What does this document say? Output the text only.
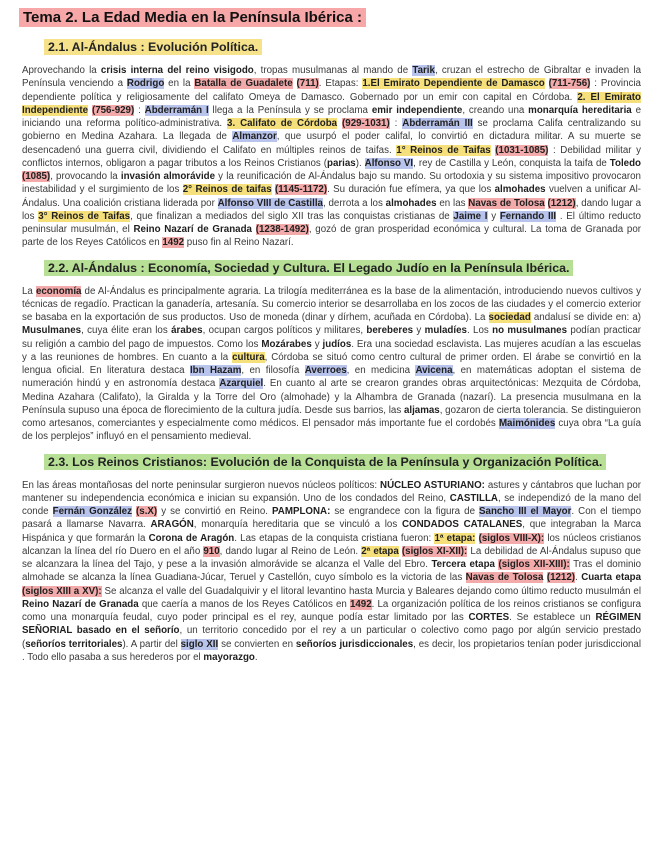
Tema 2. La Edad Media en la Península Ibérica :
2.1. Al-Ándalus : Evolución Política.

Aprovechando la crisis interna del reino visigodo, tropas musulmanas al mando de Tarik, cruzan el estrecho de Gibraltar e invaden la Península venciendo a Rodrigo en la Batalla de Guadalete (711). Etapas: 1.El Emirato Dependiente de Damasco (711-756) : Provincia dependiente política y religiosamente del califato Omeya de Damasco. Gobernado por un emir con capital en Córdoba. 2. El Emirato Independiente (756-929) : Abderramán I llega a la Península y se proclama emir independiente, creando una monarquía hereditaria e iniciando una reforma político-administrativa. 3. Califato de Córdoba (929-1031) : Abderramán III se proclama Califa centralizando su gobierno en Medina Azahara. La llegada de Almanzor, que usurpó el poder califal, lo convirtió en dictadura militar. A su muerte se desencadenó una guerra civil, dividiendo el Califato en múltiples reinos de taifas. 1° Reinos de Taifas (1031-1085) : Debilidad militar y conflictos internos, obligaron a pagar tributos a los Reinos Cristianos (parias). Alfonso VI, rey de Castilla y León, conquista la taifa de Toledo (1085), provocando la invasión almorávide y la reunificación de Al-Ándalus bajo su mando. Su ortodoxia y su sistema impositivo provocaron inestabilidad y el surgimiento de los 2° Reinos de taifas (1145-1172). Su duración fue efímera, ya que los almohades vuelven a unificar Al-Ándalus. Una coalición cristiana liderada por Alfonso VIII de Castilla, derrota a los almohades en las Navas de Tolosa (1212), dando lugar a los 3° Reinos de Taifas, que finalizan a mediados del siglo XII tras las conquistas cristianas de Jaime I y Fernando III . El último reducto peninsular musulmán, el Reino Nazarí de Granada (1238-1492), gozó de gran prosperidad económica y cultural. La toma de Granada por parte de los Reyes Católicos en 1492 puso fin al Reino Nazarí.

2.2. Al-Ándalus : Economía, Sociedad y Cultura. El Legado Judío en la Península Ibérica.

La economía de Al-Ándalus es principalmente agraria. La trilogía mediterránea es la base de la alimentación, introduciendo nuevos cultivos y técnicas de regadío. Practican la ganadería, artesanía. Su comercio interior se desarrollaba en los zocos de las ciudades y el comercio exterior se basaba en la exportación de sus productos. Uso de moneda (dinar y dírhem, acuñada en Córdoba). La sociedad andalusí se divide en: a) Musulmanes, cuya élite eran los árabes, ocupan cargos políticos y militares, bereberes y muladíes. Los no musulmanes podían practicar su religión a cambio del pago de impuestos. Como los Mozárabes y judíos. Era una sociedad esclavista. Las mujeres acudían a las escuelas y a las reuniones de hombres. En cuanto a la cultura, Córdoba se situó como centro cultural de primer orden. El árabe se convirtió en la lengua oficial. En literatura destaca Ibn Hazam, en filosofía Averroes, en medicina Avicena, en matemáticas adoptan el sistema de numeración hindú y en astronomía destaca Azarquiel. En cuanto al arte se crearon grandes obras arquitectónicas: Mezquita de Córdoba, Medina Azahara (Califato), la Giralda y la Torre del Oro (almohade) y la Alhambra de Granada (nazarí). La presencia musulmana en la Península supuso una época de florecimiento de la cultura judía. Desde sus barrios, las aljamas, gozaron de cierta tolerancia. Se distinguieron como artesanos, comerciantes y especialmente como médicos. El pensador más importante fue el cordobés Maimónides cuya obra “La guía de los perplejos” influyó en el pensamiento medieval.

2.3. Los Reinos Cristianos: Evolución de la Conquista de la Península y Organización Política.

En las áreas montañosas del norte peninsular surgieron nuevos núcleos políticos: NÚCLEO ASTURIANO: astures y cántabros que luchan por mantener su independencia económica e inician su expansión. Uno de los condados del Reino, CASTILLA, se independizó de la mano del conde Fernán González (s.X) y se convirtió en Reino. PAMPLONA: se engrandece con la figura de Sancho III el Mayor. Con el tiempo pasará a llamarse Navarra. ARAGÓN, monarquía hereditaria que se vinculó a los CONDADOS CATALANES, que integraban la Marca Hispánica y que formarán la Corona de Aragón. Las etapas de la conquista cristiana fueron: 1ª etapa: (siglos VIII-X): los núcleos cristianos alcanzan la línea del río Duero en el año 910, dando lugar al Reino de León. 2ª etapa (siglos XI-XII): La debilidad de Al-Ándalus supuso que se alcanzara la línea del Tajo, y pese a la invasión almorávide se alcanza el Valle del Ebro. Tercera etapa (siglos XII-XIII): Tras el dominio almohade se alcanza la línea Guadiana-Júcar, Teruel y Castellón, cuyo símbolo es la victoria de las Navas de Tolosa (1212). Cuarta etapa (siglos XIII a XV): Se alcanza el valle del Guadalquivir y el litoral levantino hasta Murcia y Baleares dejando como último reducto musulmán el Reino Nazarí de Granada que caería a manos de los Reyes Católicos en 1492. La organización política de los reinos cristianos se configura como una monarquía feudal, cuyo poder principal es el rey, aunque podía estar limitado por las CORTES. Se establece un RÉGIMEN SEÑORIAL basado en el señorío, un territorio concedido por el rey a un particular o colectivo como pago por algún servicio prestado (señoríos territoriales). A partir del siglo XII se convierten en señoríos jurisdiccionales, es decir, los propietarios tenían poder jurisdiccional . Todo ello pasaba a sus herederos por el mayorazgo.
